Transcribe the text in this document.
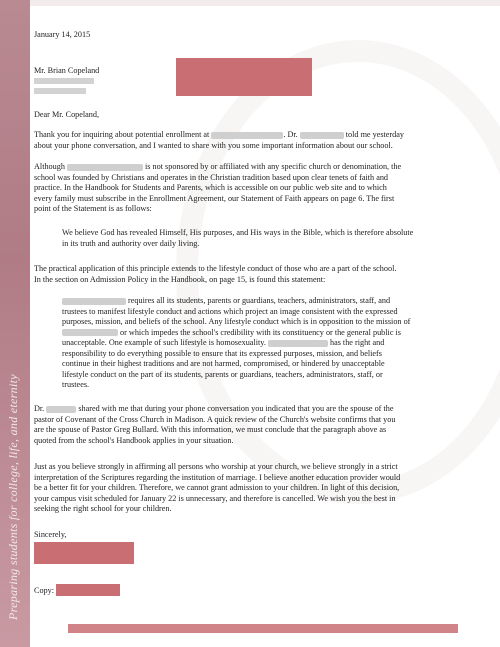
Preparing students for college, life, and eternity
January 14, 2015
Mr. Brian Copeland
Dear Mr. Copeland,
Thank you for inquiring about potential enrollment at	. Dr.	told me yesterday
about your phone conversation, and I wanted to share with you some important information about our school.
Although	is not sponsored by or affiliated with any specific church or denomination, the
school was founded by Christians and operates in the Christian tradition based upon clear tenets of faith and
practice. In the Handbook for Students and Parents, which is accessible on our public web site and to which
every family must subscribe in the Enrollment Agreement, our Statement of Faith appears on page 6. The first
point of the Statement is as follows:
We believe God has revealed Himself, His purposes, and His ways in the Bible, which is therefore absolute
in its truth and authority over daily living.
The practical application of this principle extends to the lifestyle conduct of those who are a part of the school.
In the section on Admission Policy in the Handbook, on page 15, is found this statement:
requires all its students, parents or guardians, teachers, administrators, staff, and
trustees to manifest lifestyle conduct and actions which project an image consistent with the expressed
purposes, mission, and beliefs of the school. Any lifestyle conduct which is in opposition to the mission of
or which impedes the school's credibility with its constituency or the general public is
unacceptable. One example of such lifestyle is homosexuality.	has the right and
responsibility to do everything possible to ensure that its expressed purposes, mission, and beliefs
continue in their highest traditions and are not harmed, compromised, or hindered by unacceptable
lifestyle conduct on the part of its students, parents or guardians, teachers, administrators, staff, or
trustees.
Dr.	shared with me that during your phone conversation you indicated that you are the spouse of the
pastor of Covenant of the Cross Church in Madison. A quick review of the Church's website confirms that you
are the spouse of Pastor Greg Bullard. With this information, we must conclude that the paragraph above as
quoted from the school's Handbook applies in your situation.
Just as you believe strongly in affirming all persons who worship at your church, we believe strongly in a strict
interpretation of the Scriptures regarding the institution of marriage. I believe another education provider would
be a better fit for your children. Therefore, we cannot grant admission to your children. In light of this decision,
your campus visit scheduled for January 22 is unnecessary, and therefore is cancelled. We wish you the best in
seeking the right school for your children.
Sincerely,
Copy:
